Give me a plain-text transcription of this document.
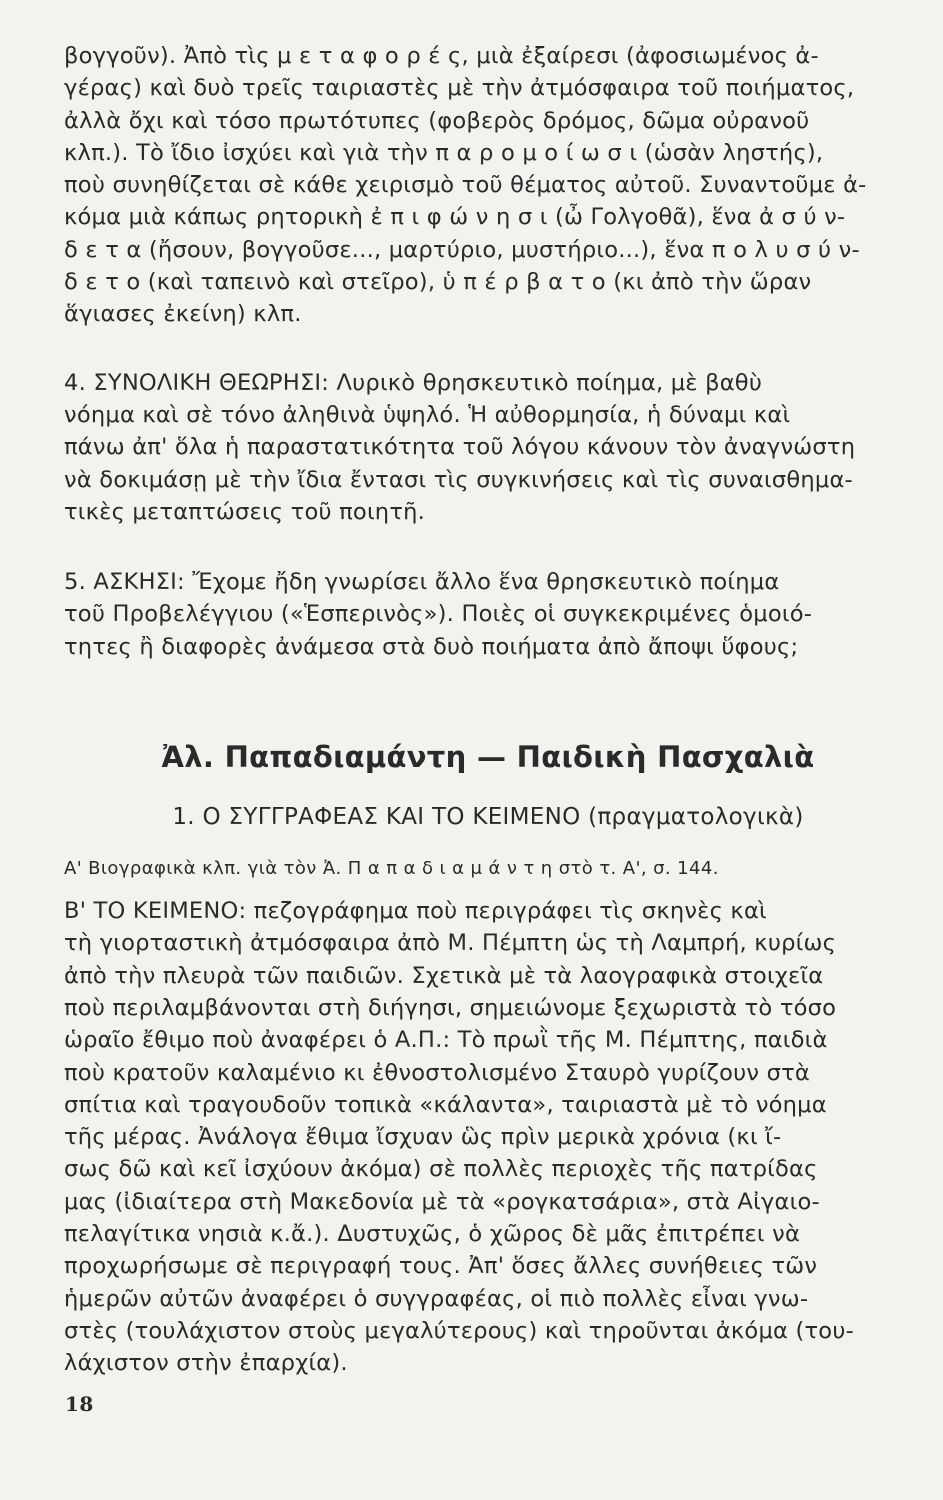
βογγοῦν). Ἀπὸ τὶς μ ε τ α φ ο ρ έ ς, μιὰ ἐξαίρεσι (ἀφοσιωμένος ἀ-
γέρας) καὶ δυὸ τρεῖς ταιριαστὲς μὲ τὴν ἀτμόσφαιρα τοῦ ποιήματος,
ἀλλὰ ὄχι καὶ τόσο πρωτότυπες (φοβερὸς δρόμος, δῶμα οὐρανοῦ
κλπ.). Τὸ ἴδιο ἰσχύει καὶ γιὰ τὴν π α ρ ο μ ο ί ω σ ι (ὡσὰν ληστής),
ποὺ συνηθίζεται σὲ κάθε χειρισμὸ τοῦ θέματος αὐτοῦ. Συναντοῦμε ἀ-
κόμα μιὰ κάπως ρητορικὴ ἐ π ι φ ώ ν η σ ι (ὦ Γολγοθᾶ), ἕνα ἀ σ ύ ν-
δ ε τ α (ἤσουν, βογγοῦσε..., μαρτύριο, μυστήριο...), ἕνα π ο λ υ σ ύ ν-
δ ε τ ο (καὶ ταπεινὸ καὶ στεῖρο), ὑ π έ ρ β α τ ο (κι ἀπὸ τὴν ὥραν
ἅγιασες ἐκείνη) κλπ.

4. ΣΥΝΟΛΙΚΗ ΘΕΩΡΗΣΙ: Λυρικὸ θρησκευτικὸ ποίημα, μὲ βαθὺ
νόημα καὶ σὲ τόνο ἀληθινὰ ὑψηλό. Ἡ αὐθορμησία, ἡ δύναμι καὶ
πάνω ἀπ' ὅλα ἡ παραστατικότητα τοῦ λόγου κάνουν τὸν ἀναγνώστη
νὰ δοκιμάσῃ μὲ τὴν ἴδια ἔντασι τὶς συγκινήσεις καὶ τὶς συναισθημα-
τικὲς μεταπτώσεις τοῦ ποιητῆ.

5. ΑΣΚΗΣΙ: Ἔχομε ἤδη γνωρίσει ἄλλο ἕνα θρησκευτικὸ ποίημα
τοῦ Προβελέγγιου («Ἑσπερινὸς»). Ποιὲς οἱ συγκεκριμένες ὁμοιό-
τητες ἢ διαφορὲς ἀνάμεσα στὰ δυὸ ποιήματα ἀπὸ ἄποψι ὕφους;

Ἀλ. Παπαδιαμάντη — Παιδικὴ Πασχαλιὰ
1. Ο ΣΥΓΓΡΑΦΕΑΣ ΚΑΙ ΤΟ ΚΕΙΜΕΝΟ (πραγματολογικὰ)
Α' Βιογραφικὰ κλπ. γιὰ τὸν Ἀ. Π α π α δ ι α μ ά ν τ η στὸ τ. Α', σ. 144.

Β' ΤΟ ΚΕΙΜΕΝΟ: πεζογράφημα ποὺ περιγράφει τὶς σκηνὲς καὶ
τὴ γιορταστικὴ ἀτμόσφαιρα ἀπὸ Μ. Πέμπτη ὡς τὴ Λαμπρή, κυρίως
ἀπὸ τὴν πλευρὰ τῶν παιδιῶν. Σχετικὰ μὲ τὰ λαογραφικὰ στοιχεῖα
ποὺ περιλαμβάνονται στὴ διήγησι, σημειώνομε ξεχωριστὰ τὸ τόσο
ὡραῖο ἔθιμο ποὺ ἀναφέρει ὁ Α.Π.: Τὸ πρωῒ τῆς Μ. Πέμπτης, παιδιὰ
ποὺ κρατοῦν καλαμένιο κι ἐθνοστολισμένο Σταυρὸ γυρίζουν στὰ
σπίτια καὶ τραγουδοῦν τοπικὰ «κάλαντα», ταιριαστὰ μὲ τὸ νόημα
τῆς μέρας. Ἀνάλογα ἔθιμα ἴσχυαν ὣς πρὶν μερικὰ χρόνια (κι ἴ-
σως δῶ καὶ κεῖ ἰσχύουν ἀκόμα) σὲ πολλὲς περιοχὲς τῆς πατρίδας
μας (ἰδιαίτερα στὴ Μακεδονία μὲ τὰ «ρογκατσάρια», στὰ Αἰγαιο-
πελαγίτικα νησιὰ κ.ἄ.). Δυστυχῶς, ὁ χῶρος δὲ μᾶς ἐπιτρέπει νὰ
προχωρήσωμε σὲ περιγραφή τους. Ἀπ' ὅσες ἄλλες συνήθειες τῶν
ἡμερῶν αὐτῶν ἀναφέρει ὁ συγγραφέας, οἱ πιὸ πολλὲς εἶναι γνω-
στὲς (τουλάχιστον στοὺς μεγαλύτερους) καὶ τηροῦνται ἀκόμα (του-
λάχιστον στὴν ἐπαρχία).

18
